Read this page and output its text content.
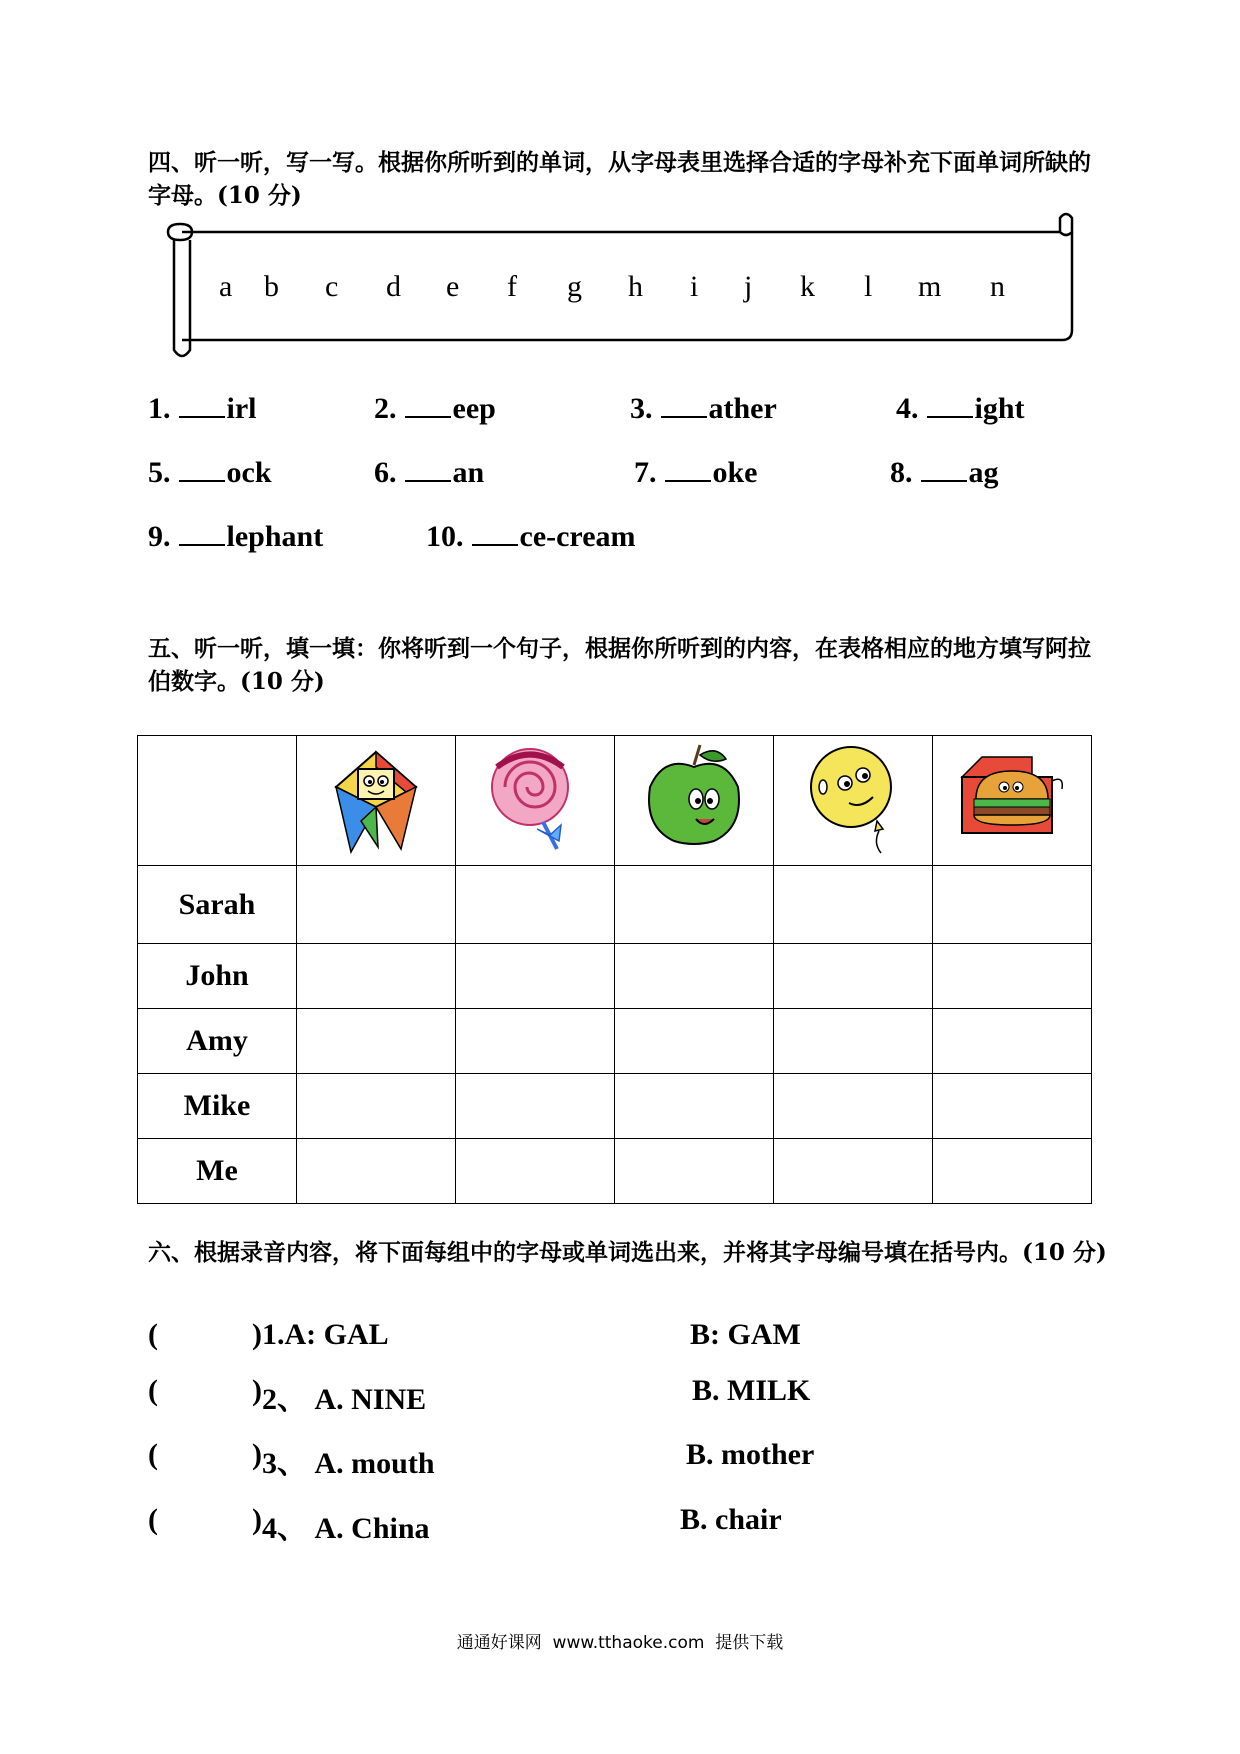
四、听一听，写一写。根据你所听到的单词，从字母表里选择合适的字母补充下面单词所缺的字母。(10 分)
a b c d e f g h i j k l m n
1. irl	2. eep	3. ather	4. ight
5. ock	6. an	7. oke	8. ag
9. lephant	10. ce-cream
五、听一听，填一填：你将听到一个句子，根据你所听到的内容，在表格相应的地方填写阿拉伯数字。(10 分)

Sarah					
John					
Amy					
Mike					
Me					
六、根据录音内容，将下面每组中的字母或单词选出来，并将其字母编号填在括号内。(10 分)
(	) 1.A: GAL	B: GAM
(	) 2、 A. NINE	B. MILK
(	) 3、 A. mouth	B. mother
(	) 4、 A. China	B. chair
通通好课网  www.tthaoke.com  提供下载
